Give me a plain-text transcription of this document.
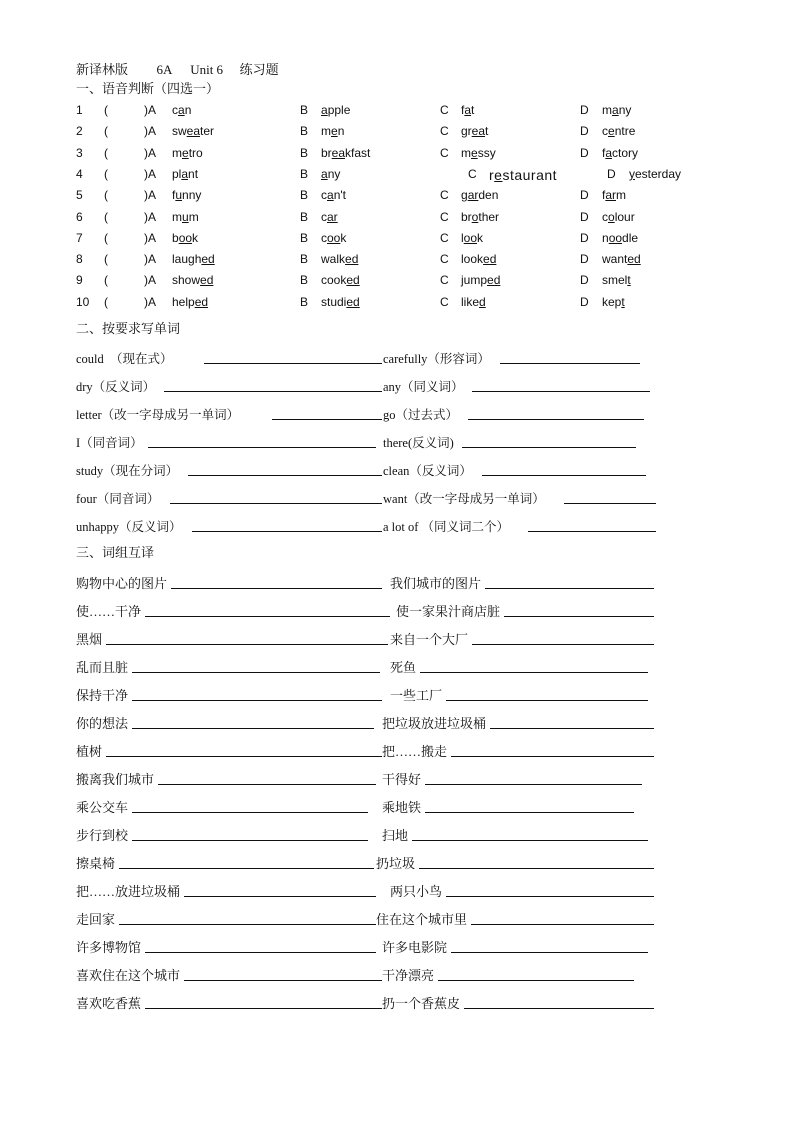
新译林版 6A Unit 6 练习题
一、语音判断（四选一）
1 (	)A can	B apple	C fat	D many
2 (	)A sweater	B men	C great	D centre
3 (	)A metro	B breakfast	C messy	D factory
4 (	)A plant	B any	C restaurant	D yesterday
5 (	)A funny	B can't	C garden	D farm
6 (	)A mum	B car	C brother	D colour
7 (	)A book	B cook	C look	D noodle
8 (	)A laughed	B walked	C looked	D wanted
9 (	)A showed	B cooked	C jumped	D smelt
10 (	)A helped	B studied	C liked	D kept
二、按要求写单词
could　（现在式）	carefully（形容词）
dry（反义词）	any（同义词）
letter（改一字母成另一单词）	go（过去式）
I（同音词）	there(反义词)
study（现在分词）	clean（反义词）
four（同音词）	want（改一字母成另一单词）
unhappy（反义词）	a lot of （同义词二个）
三、词组互译
购物中心的图片	我们城市的图片
使……干净	使一家果汁商店脏
黑烟	来自一个大厂
乱而且脏	死鱼
保持干净	一些工厂
你的想法	把垃圾放进垃圾桶
植树	把……搬走
搬离我们城市	干得好
乘公交车	乘地铁
步行到校	扫地
擦桌椅	扔垃圾
把……放进垃圾桶	两只小鸟
走回家	住在这个城市里
许多博物馆	许多电影院
喜欢住在这个城市	干净漂亮
喜欢吃香蕉	扔一个香蕉皮
